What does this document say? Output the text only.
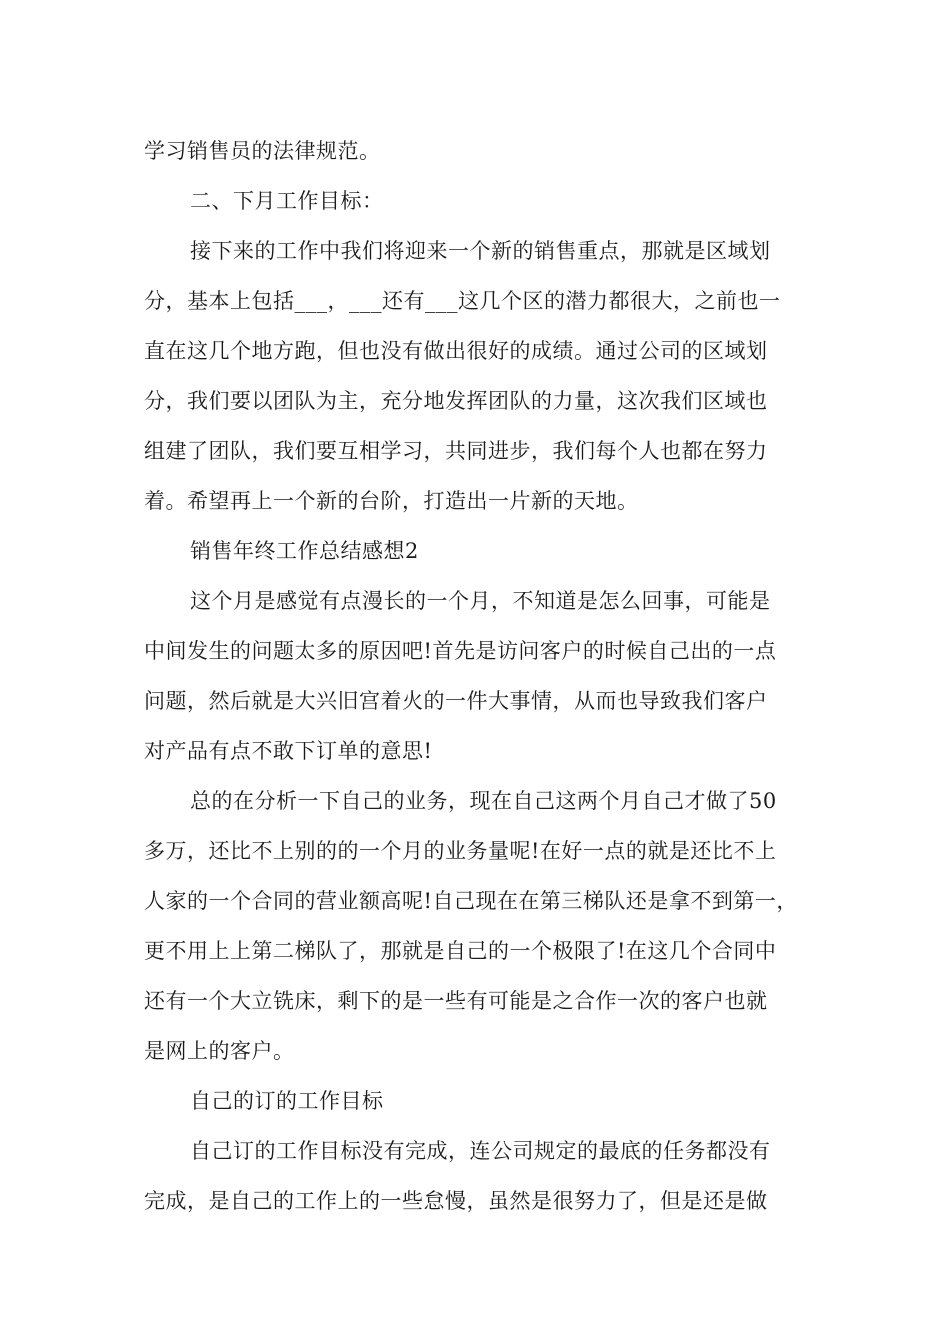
学习销售员的法律规范。
二、下月工作目标：
接下来的工作中我们将迎来一个新的销售重点，那就是区域划
分，基本上包括___，___还有___这几个区的潜力都很大，之前也一
直在这几个地方跑，但也没有做出很好的成绩。通过公司的区域划
分，我们要以团队为主，充分地发挥团队的力量，这次我们区域也
组建了团队，我们要互相学习，共同进步，我们每个人也都在努力
着。希望再上一个新的台阶，打造出一片新的天地。
销售年终工作总结感想2
这个月是感觉有点漫长的一个月，不知道是怎么回事，可能是
中间发生的问题太多的原因吧!首先是访问客户的时候自己出的一点
问题，然后就是大兴旧宫着火的一件大事情，从而也导致我们客户
对产品有点不敢下订单的意思!
总的在分析一下自己的业务，现在自己这两个月自己才做了50
多万，还比不上别的的一个月的业务量呢!在好一点的就是还比不上
人家的一个合同的营业额高呢!自己现在在第三梯队还是拿不到第一，
更不用上上第二梯队了，那就是自己的一个极限了!在这几个合同中
还有一个大立铣床，剩下的是一些有可能是之合作一次的客户也就
是网上的客户。
自己的订的工作目标
自己订的工作目标没有完成，连公司规定的最底的任务都没有
完成，是自己的工作上的一些怠慢，虽然是很努力了，但是还是做
